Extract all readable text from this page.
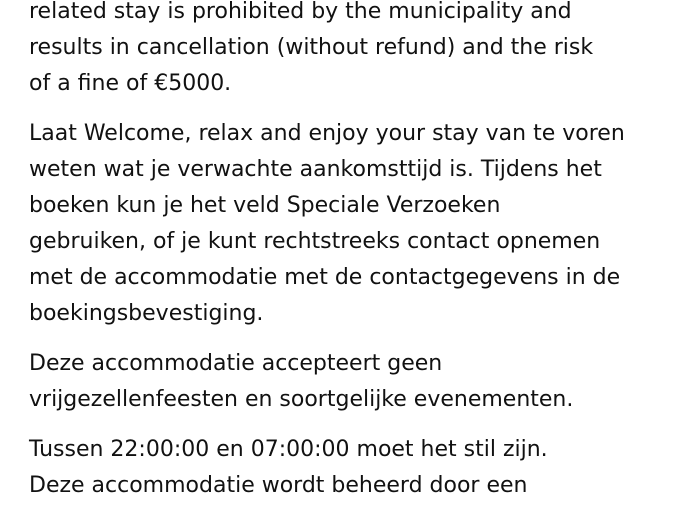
related stay is prohibited by the municipality and
results in cancellation (without refund) and the risk
of a fine of €5000.
Laat Welcome, relax and enjoy your stay van te voren
weten wat je verwachte aankomsttijd is. Tijdens het
boeken kun je het veld Speciale Verzoeken
gebruiken, of je kunt rechtstreeks contact opnemen
met de accommodatie met de contactgegevens in de
boekingsbevestiging.
Deze accommodatie accepteert geen
vrijgezellenfeesten en soortgelijke evenementen.
Tussen 22:00:00 en 07:00:00 moet het stil zijn.
Deze accommodatie wordt beheerd door een
